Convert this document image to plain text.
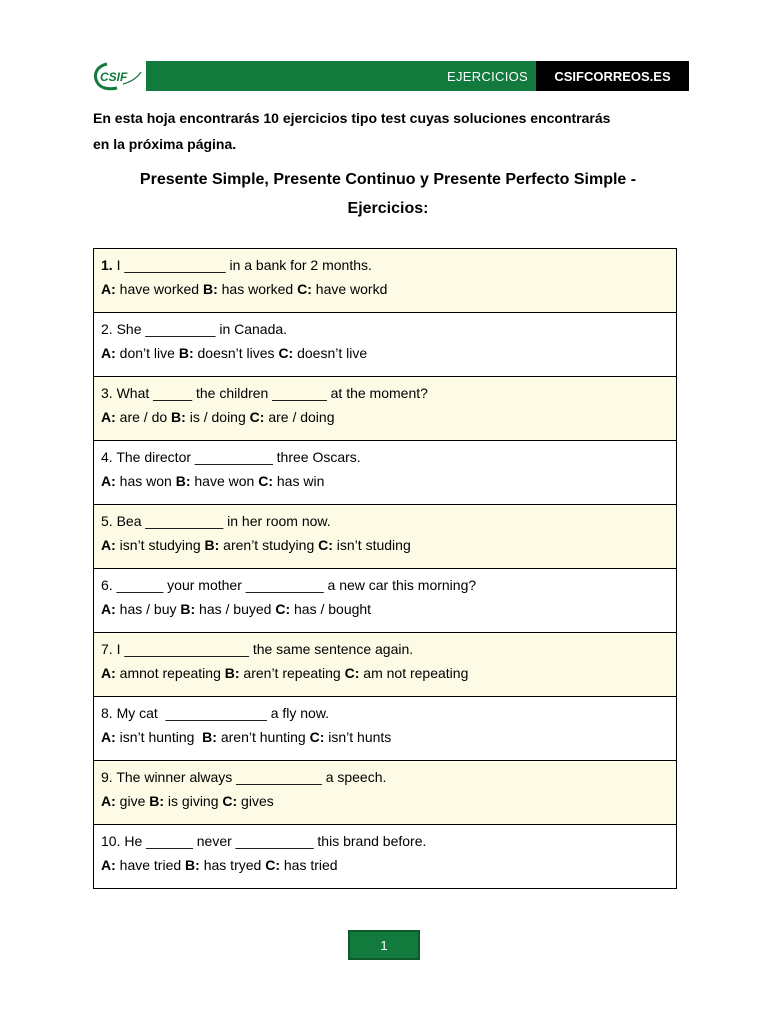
CSIF	EJERCICIOS	CSIFCORREOS.ES
En esta hoja encontrarás 10 ejercicios tipo test cuyas soluciones encontrarás
en la próxima página.
Presente Simple, Presente Continuo y Presente Perfecto Simple -
Ejercicios:
1. I _____________ in a bank for 2 months.
A: have worked B: has worked C: have workd
2. She _________ in Canada.
A: don’t live B: doesn’t lives C: doesn’t live
3. What _____ the children _______ at the moment?
A: are / do B: is / doing C: are / doing
4. The director __________ three Oscars.
A: has won B: have won C: has win
5. Bea __________ in her room now.
A: isn’t studying B: aren’t studying C: isn’t studing
6. ______ your mother __________ a new car this morning?
A: has / buy B: has / buyed C: has / bought
7. I ________________ the same sentence again.
A: amnot repeating B: aren’t repeating C: am not repeating
8. My cat  _____________ a fly now.
A: isn’t hunting  B: aren’t hunting C: isn’t hunts
9. The winner always ___________ a speech.
A: give B: is giving C: gives
10. He ______ never __________ this brand before.
A: have tried B: has tryed C: has tried
1
